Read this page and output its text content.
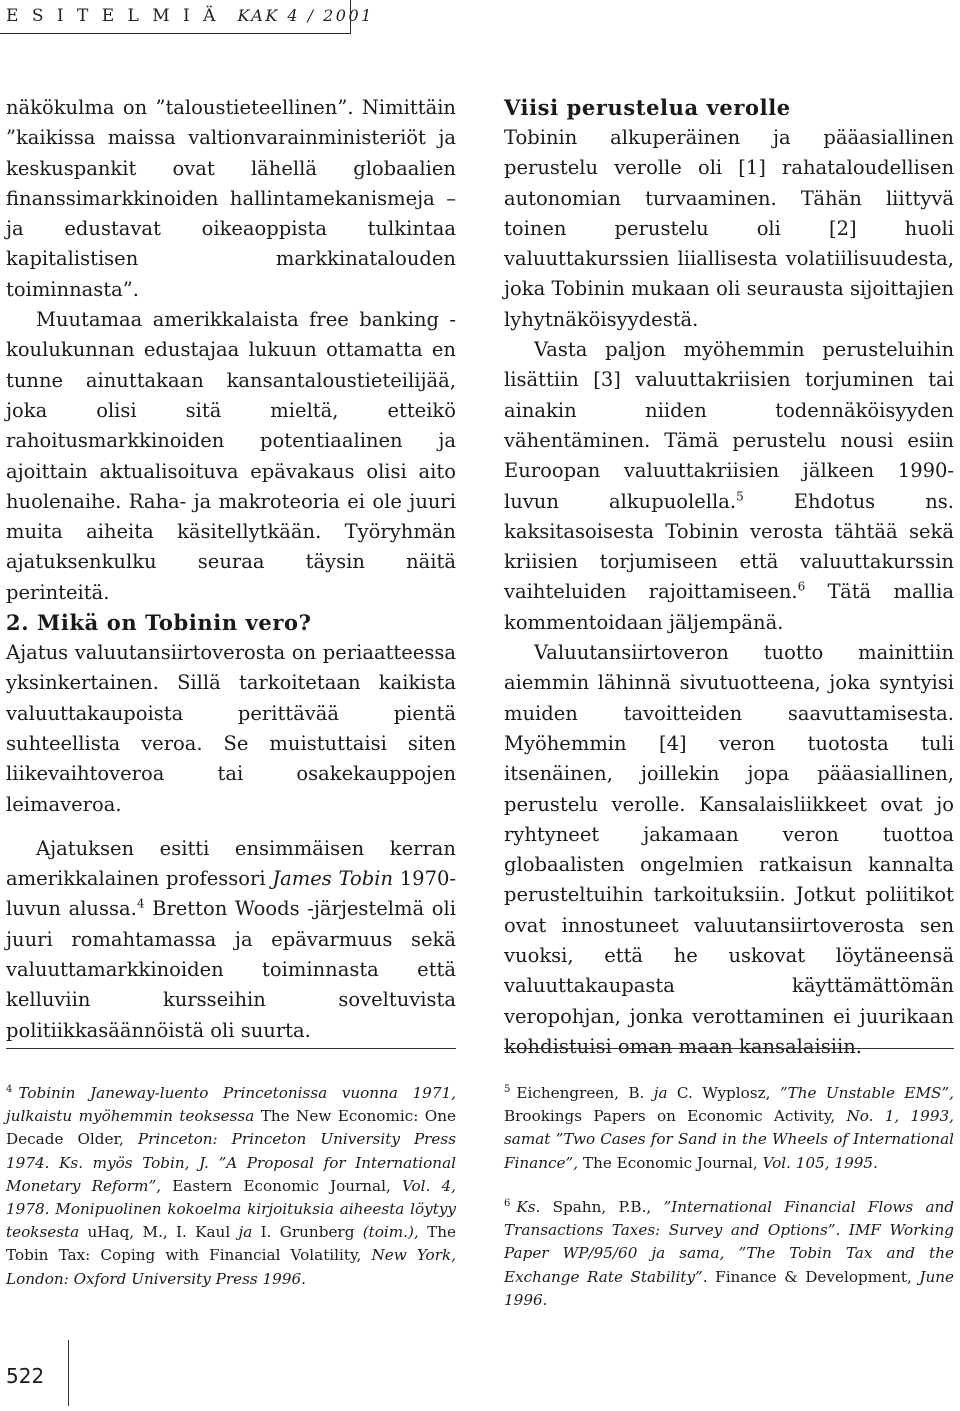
E S I T E L M I Ä KAK 4 / 2001

näkökulma on ”taloustieteellinen”. Nimittäin ”kaikissa maissa valtionvarainministeriöt ja keskuspankit ovat lähellä globaalien finanssimarkkinoiden hallintamekanismeja – ja edustavat oikeaoppista tulkintaa kapitalistisen markkinatalouden toiminnasta”.

Muutamaa amerikkalaista free banking -koulukunnan edustajaa lukuun ottamatta en tunne ainuttakaan kansantaloustieteilijää, joka olisi sitä mieltä, etteikö rahoitusmarkkinoiden potentiaalinen ja ajoittain aktualisoituva epävakaus olisi aito huolenaihe. Raha- ja makroteoria ei ole juuri muita aiheita käsitellytkään. Työryhmän ajatuksenkulku seuraa täysin näitä perinteitä.

2. Mikä on Tobinin vero?

Ajatus valuutansiirtoverosta on periaatteessa yksinkertainen. Sillä tarkoitetaan kaikista valuuttakaupoista perittävää pientä suhteellista veroa. Se muistuttaisi siten liikevaihtoveroa tai osakekauppojen leimaveroa.

Ajatuksen esitti ensimmäisen kerran amerikkalainen professori James Tobin 1970-luvun alussa.$^4$ Bretton Woods -järjestelmä oli juuri romahtamassa ja epävarmuus sekä valuuttamarkkinoiden toiminnasta että kelluviin kursseihin soveltuvista politiikkasäännöistä oli suurta.

Viisi perustelua verolle

Tobinin alkuperäinen ja pääasiallinen perustelu verolle oli [1] rahataloudellisen autonomian turvaaminen. Tähän liittyvä toinen perustelu oli [2] huoli valuuttakurssien liiallisesta volatiilisuudesta, joka Tobinin mukaan oli seurausta sijoittajien lyhytnäköisyydestä.

Vasta paljon myöhemmin perusteluihin lisättiin [3] valuuttakriisien torjuminen tai ainakin niiden todennäköisyyden vähentäminen. Tämä perustelu nousi esiin Euroopan valuuttakriisien jälkeen 1990-luvun alkupuolella.$^5$ Ehdotus ns. kaksitasoisesta Tobinin verosta tähtää sekä kriisien torjumiseen että valuuttakurssin vaihteluiden rajoittamiseen.$^6$ Tätä mallia kommentoidaan jäljempänä.

Valuutansiirtoveron tuotto mainittiin aiemmin lähinnä sivutuotteena, joka syntyisi muiden tavoitteiden saavuttamisesta. Myöhemmin [4] veron tuotosta tuli itsenäinen, joillekin jopa pääasiallinen, perustelu verolle. Kansalaisliikkeet ovat jo ryhtyneet jakamaan veron tuottoa globaalisten ongelmien ratkaisun kannalta perusteltuihin tarkoituksiin. Jotkut poliitikot ovat innostuneet valuutansiirtoverosta sen vuoksi, että he uskovat löytäneensä valuuttakaupasta käyttämättömän veropohjan, jonka verottaminen ei juurikaan kohdistuisi oman maan kansalaisiin.

$^4$ Tobinin Janeway-luento Princetonissa vuonna 1971, julkaistu myöhemmin teoksessa The New Economic: One Decade Older, Princeton: Princeton University Press 1974. Ks. myös Tobin, J. ”A Proposal for International Monetary Reform”, Eastern Economic Journal, Vol. 4, 1978. Monipuolinen kokoelma kirjoituksia aiheesta löytyy teoksesta uHaq, M., I. Kaul ja I. Grunberg (toim.), The Tobin Tax: Coping with Financial Volatility, New York, London: Oxford University Press 1996.

$^5$ Eichengreen, B. ja C. Wyplosz, ”The Unstable EMS”, Brookings Papers on Economic Activity, No. 1, 1993, samat ”Two Cases for Sand in the Wheels of International Finance”, The Economic Journal, Vol. 105, 1995.

$^6$ Ks. Spahn, P.B., ”International Financial Flows and Transactions Taxes: Survey and Options”. IMF Working Paper WP/95/60 ja sama, ”The Tobin Tax and the Exchange Rate Stability”. Finance & Development, June 1996.

522
